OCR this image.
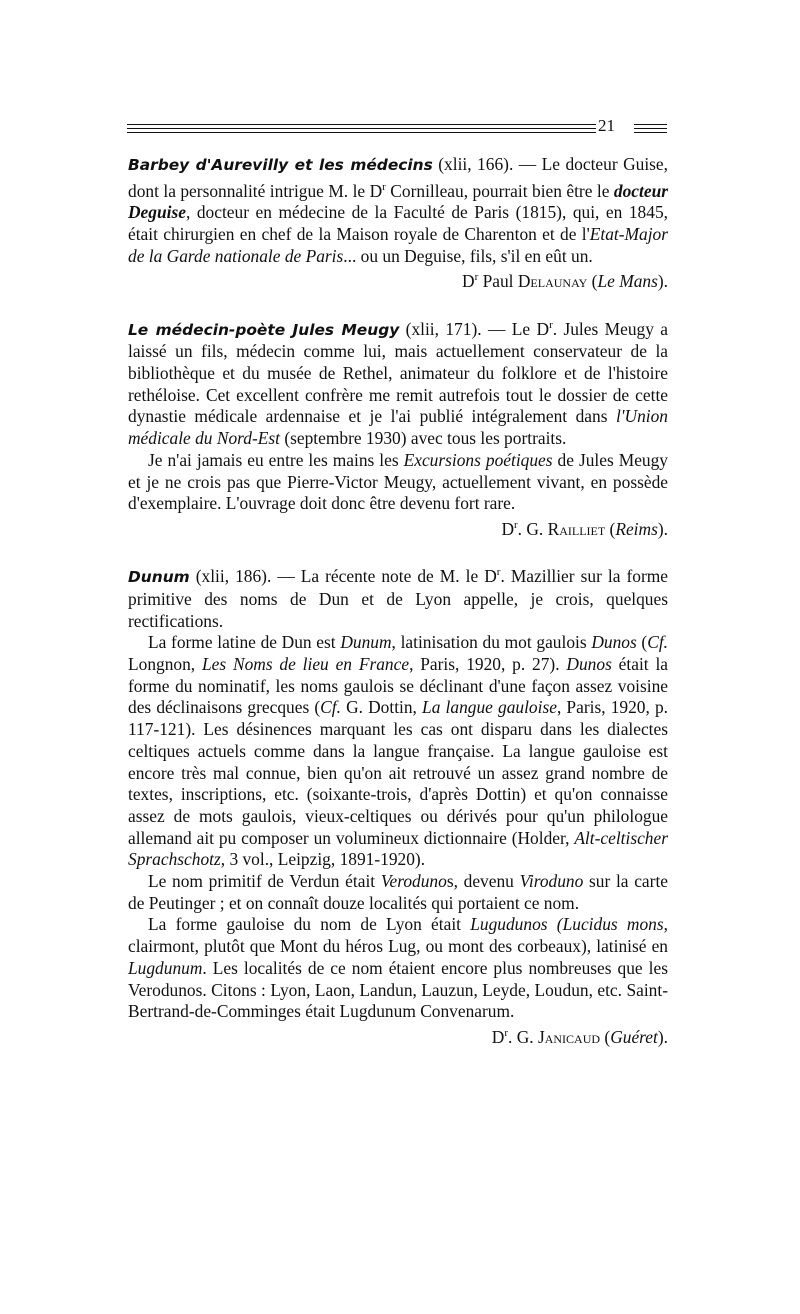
21

Barbey d'Aurevilly et les médecins (xlii, 166). — Le docteur Guise, dont la personnalité intrigue M. le $D^r$ Cornilleau, pourrait bien être le docteur Deguise, docteur en médecine de la Faculté de Paris (1815), qui, en 1845, était chirurgien en chef de la Maison royale de Charenton et de l'Etat-Major de la Garde nationale de Paris... ou un Deguise, fils, s'il en eût un.

$D^r$ Paul Delaunay (Le Mans).

Le médecin-poète Jules Meugy (xlii, 171). — Le $D^r$. Jules Meugy a laissé un fils, médecin comme lui, mais actuellement conservateur de la bibliothèque et du musée de Rethel, animateur du folklore et de l'histoire rethéloise. Cet excellent confrère me remit autrefois tout le dossier de cette dynastie médicale ardennaise et je l'ai publié intégralement dans l'Union médicale du Nord-Est (septembre 1930) avec tous les portraits.

Je n'ai jamais eu entre les mains les Excursions poétiques de Jules Meugy et je ne crois pas que Pierre-Victor Meugy, actuellement vivant, en possède d'exemplaire. L'ouvrage doit donc être devenu fort rare.

$D^r$. G. Railliet (Reims).

Dunum (xlii, 186). — La récente note de M. le $D^r$. Mazillier sur la forme primitive des noms de Dun et de Lyon appelle, je crois, quelques rectifications.

La forme latine de Dun est Dunum, latinisation du mot gaulois Dunos (Cf. Longnon, Les Noms de lieu en France, Paris, 1920, p. 27). Dunos était la forme du nominatif, les noms gaulois se déclinant d'une façon assez voisine des déclinaisons grecques (Cf. G. Dottin, La langue gauloise, Paris, 1920, p. 117-121). Les désinences marquant les cas ont disparu dans les dialectes celtiques actuels comme dans la langue française. La langue gauloise est encore très mal connue, bien qu'on ait retrouvé un assez grand nombre de textes, inscriptions, etc. (soixante-trois, d'après Dottin) et qu'on connaisse assez de mots gaulois, vieux-celtiques ou dérivés pour qu'un philologue allemand ait pu composer un volumineux dictionnaire (Holder, Alt-celtischer Sprachschotz, 3 vol., Leipzig, 1891-1920).

Le nom primitif de Verdun était Verodunos, devenu Viroduno sur la carte de Peutinger ; et on connaît douze localités qui portaient ce nom.

La forme gauloise du nom de Lyon était Lugudunos (Lucidus mons, clairmont, plutôt que Mont du héros Lug, ou mont des corbeaux), latinisé en Lugdunum. Les localités de ce nom étaient encore plus nombreuses que les Verodunos. Citons : Lyon, Laon, Landun, Lauzun, Leyde, Loudun, etc. Saint-Bertrand-de-Comminges était Lugdunum Convenarum.

$D^r$. G. Janicaud (Guéret).
